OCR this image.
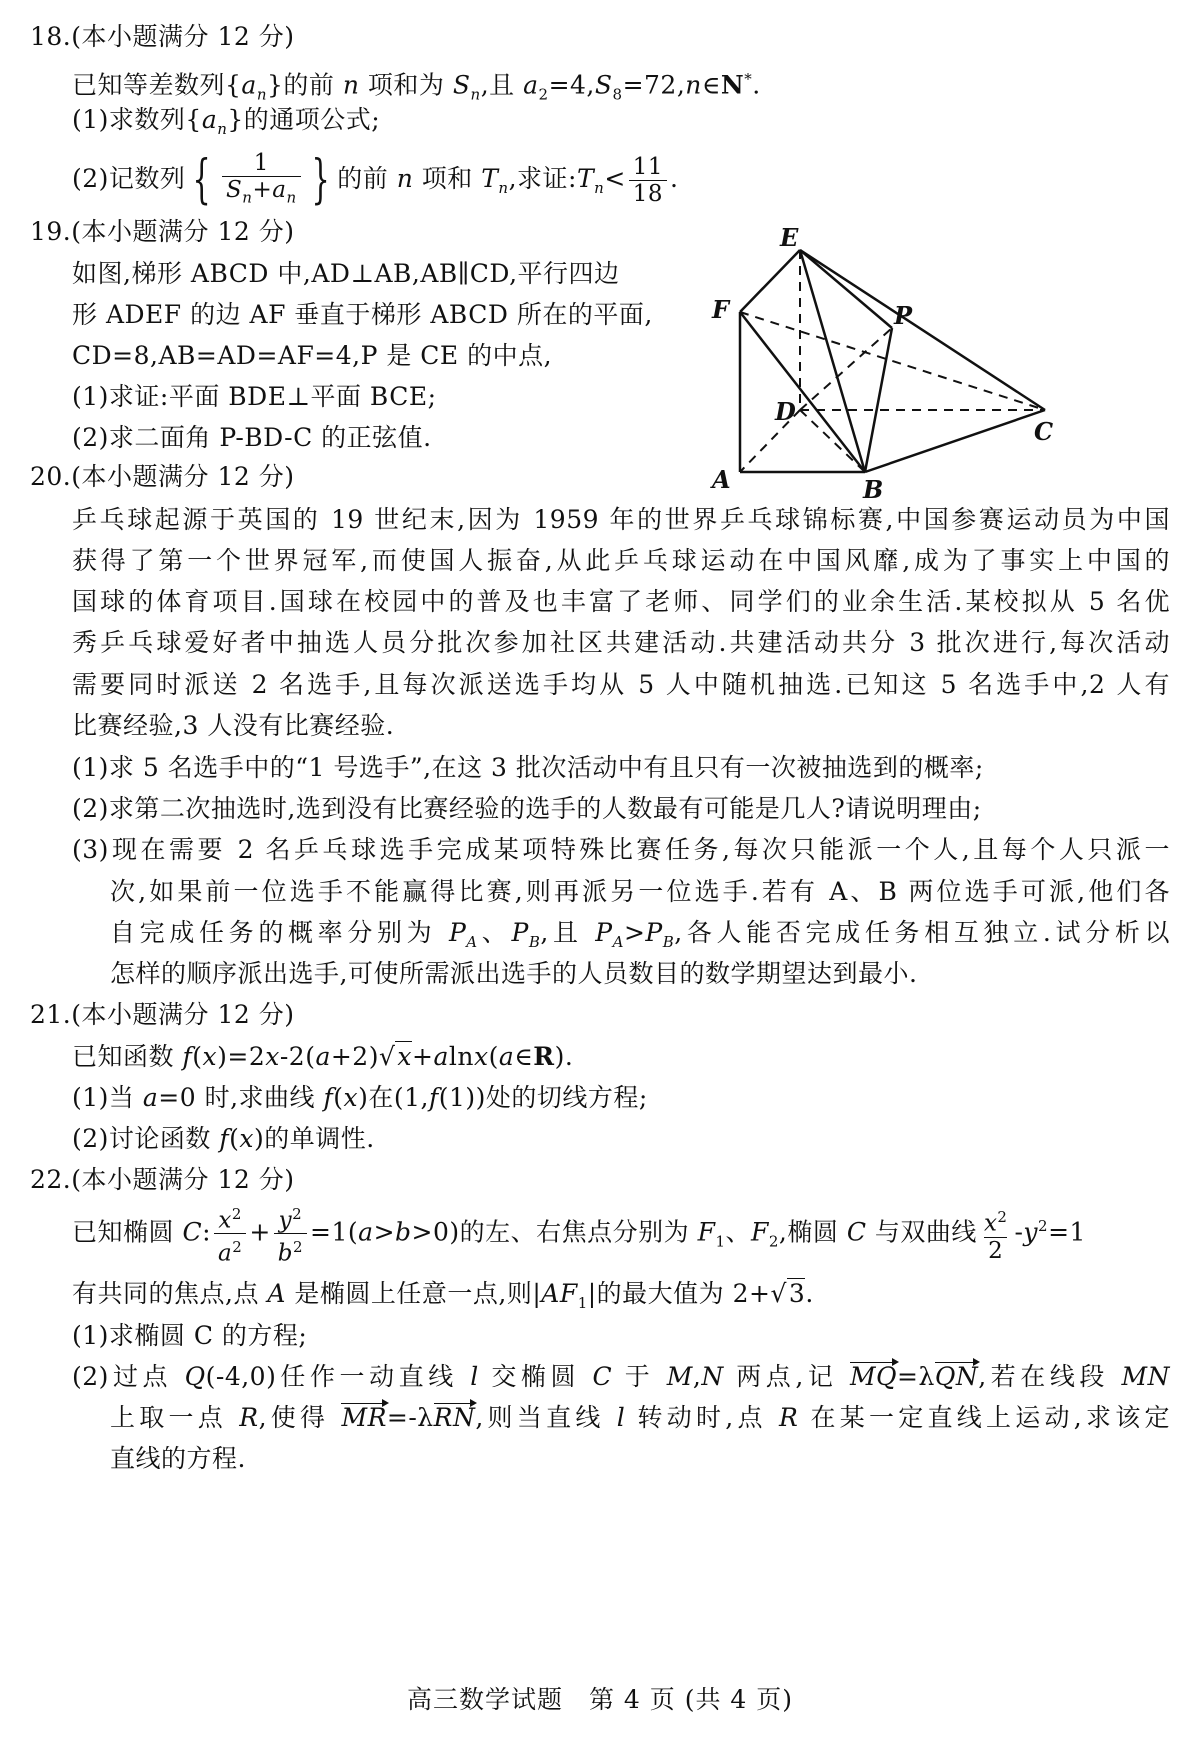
18.(本小题满分 12 分)
已知等差数列$\{a_n\}$的前 n 项和为 $S_n$,且 $a_2=4,S_8=72,n\in N^*$.
(1)求数列$\{a_n\}$的通项公式;
(2)记数列 { $\frac{1}{S_n+a_n}$ } 的前 n 项和 $T_n$,求证$:T_n< \frac{11}{18}$ .
19.(本小题满分 12 分)
如图,梯形 ABCD 中,AD⊥AB,AB∥CD,平行四边
形 ADEF 的边 AF 垂直于梯形 ABCD 所在的平面,
CD=8,AB=AD=AF=4,P 是 CE 的中点,
(1)求证:平面 BDE⊥平面 BCE;
(2)求二面角 P-BD-C 的正弦值.
E
F	P
D
C
A	B
20.(本小题满分 12 分)
乒乓球起源于英国的 19 世纪末,因为 1959 年的世界乒乓球锦标赛,中国参赛运动员为中国
获得了第一个世界冠军,而使国人振奋,从此乒乓球运动在中国风靡,成为了事实上中国的
国球的体育项目.国球在校园中的普及也丰富了老师、同学们的业余生活.某校拟从 5 名优
秀乒乓球爱好者中抽选人员分批次参加社区共建活动.共建活动共分 3 批次进行,每次活动
需要同时派送 2 名选手,且每次派送选手均从 5 人中随机抽选.已知这 5 名选手中,2 人有
比赛经验,3 人没有比赛经验.
(1)求 5 名选手中的“1 号选手”,在这 3 批次活动中有且只有一次被抽选到的概率;
(2)求第二次抽选时,选到没有比赛经验的选手的人数最有可能是几人?请说明理由;
(3)现在需要 2 名乒乓球选手完成某项特殊比赛任务,每次只能派一个人,且每个人只派一
次,如果前一位选手不能赢得比赛,则再派另一位选手.若有 A、B 两位选手可派,他们各
自完成任务的概率分别为 $P_A$、$P_B$,且 $P_A>P_B$,各人能否完成任务相互独立.试分析以
怎样的顺序派出选手,可使所需派出选手的人员数目的数学期望达到最小.
21.(本小题满分 12 分)
已知函数 f(x)=2x-2(a+2)√x+alnx(a∈R).
(1)当 a=0 时,求曲线 f(x)在(1,f(1))处的切线方程;
(2)讨论函数 f(x)的单调性.
22.(本小题满分 12 分)
已知椭圆 C: $\frac{x^2}{a^2} + \frac{y^2}{b^2} =1(a>b>0)$的左、右焦点分别为 $F_1$、$F_2$,椭圆 C 与双曲线 $\frac{x^2}{2} -y^2=1$
有共同的焦点,点 A 是椭圆上任意一点,则$|AF_1|$的最大值为 2+√3.
(1)求椭圆 C 的方程;
(2)过点 Q(-4,0)任作一动直线 l 交椭圆 C 于 M,N 两点,记 MQ=λQN,若在线段 MN
上取一点 R,使得 MR=-λRN,则当直线 l 转动时,点 R 在某一定直线上运动,求该定
直线的方程.
高三数学试题　第 4 页 (共 4 页)
